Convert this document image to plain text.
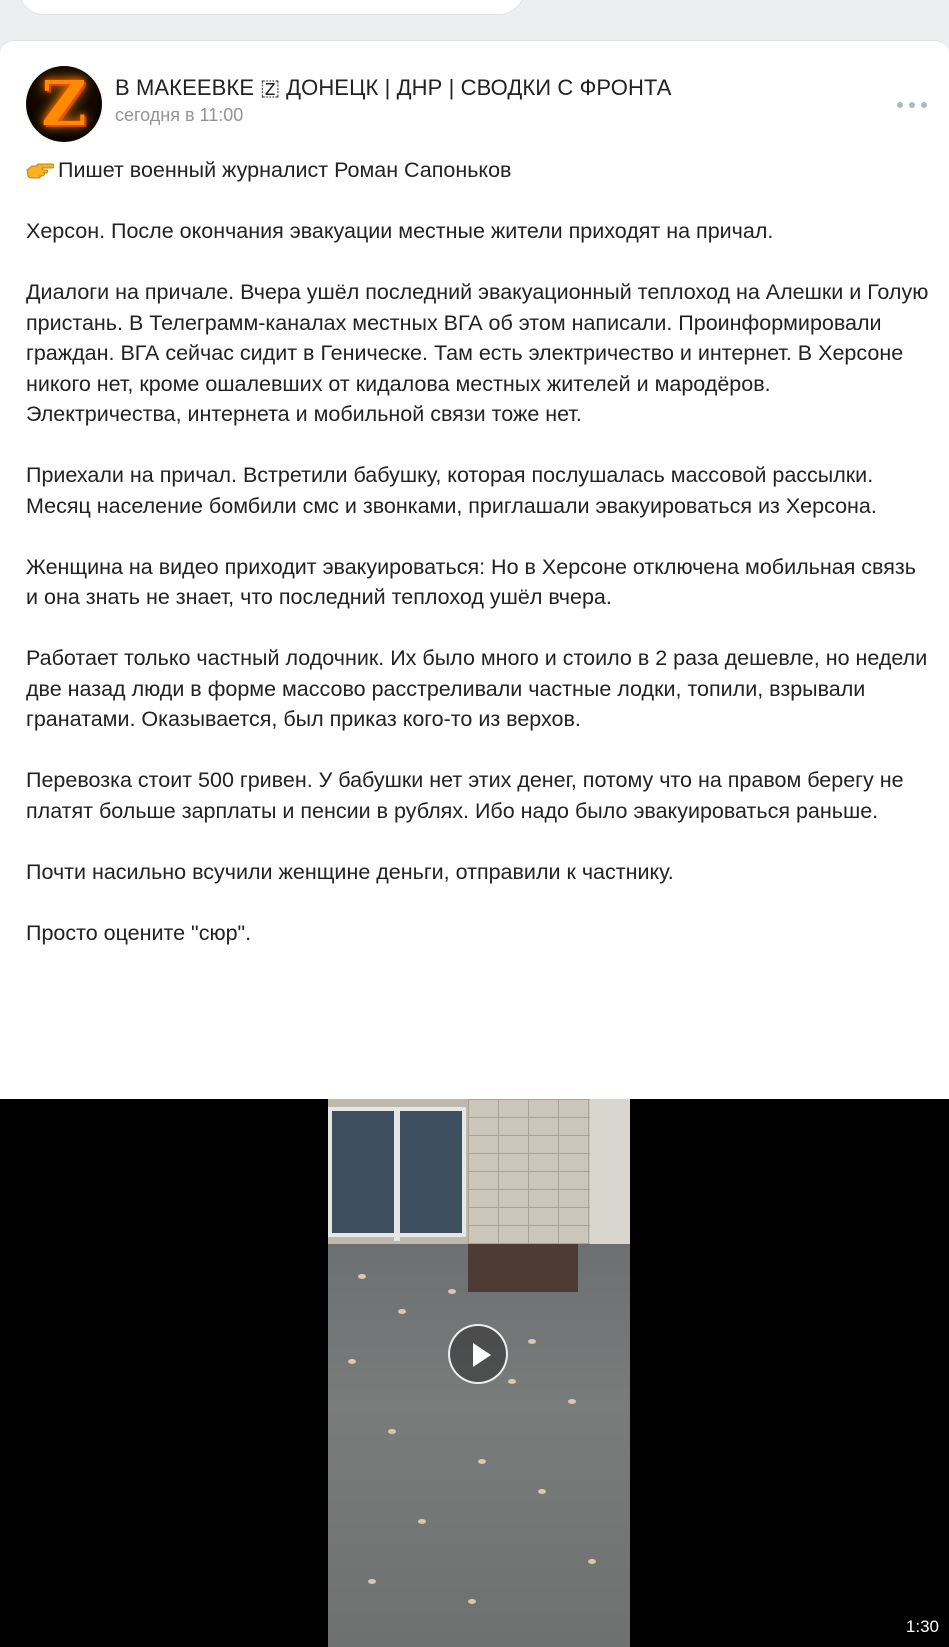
Z	В МАКЕЕВКЕ 🇿 ДОНЕЦК | ДНР | СВОДКИ С ФРОНТА
сегодня в 11:00

Пишет военный журналист Роман Сапоньков

Херсон. После окончания эвакуации местные жители приходят на причал.

Диалоги на причале. Вчера ушёл последний эвакуационный теплоход на Алешки и Голую пристань. В Телеграмм-каналах местных ВГА об этом написали. Проинформировали граждан. ВГА сейчас сидит в Геническе. Там есть электричество и интернет. В Херсоне никого нет, кроме ошалевших от кидалова местных жителей и мародёров. Электричества, интернета и мобильной связи тоже нет.

Приехали на причал. Встретили бабушку, которая послушалась массовой рассылки. Месяц население бомбили смс и звонками, приглашали эвакуироваться из Херсона.

Женщина на видео приходит эвакуироваться: Но в Херсоне отключена мобильная связь и она знать не знает, что последний теплоход ушёл вчера.

Работает только частный лодочник. Их было много и стоило в 2 раза дешевле, но недели две назад люди в форме массово расстреливали частные лодки, топили, взрывали гранатами. Оказывается, был приказ кого-то из верхов.

Перевозка стоит 500 гривен. У бабушки нет этих денег, потому что на правом берегу не платят больше зарплаты и пенсии в рублях. Ибо надо было эвакуироваться раньше.

Почти насильно всучили женщине деньги, отправили к частнику.

Просто оцените "сюр".

1:30
